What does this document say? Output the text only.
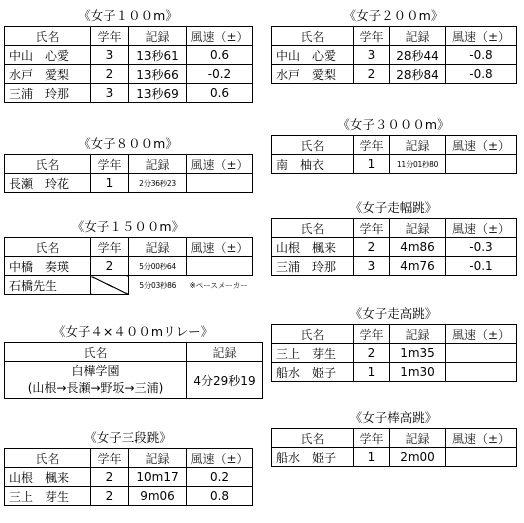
《女子１００m》
氏名	学年	記録	風速（±）
中山　心愛	3	13秒61	0.6
水戸　愛梨	2	13秒66	-0.2
三浦　玲那	3	13秒69	0.6
《女子２００m》
氏名	学年	記録	風速（±）
中山　心愛	3	28秒44	-0.8
水戸　愛梨	2	28秒84	-0.8
《女子８００m》
氏名	学年	記録	風速（±）
長瀬　玲花	1	2分36秒23	
《女子３０００m》
氏名	学年	記録	風速（±）
南　柚衣	1	11分01秒80	
《女子１５００m》
氏名	学年	記録	風速（±）
中橋　奏瑛	2	5分00秒64	
石橋先生		5分03秒86	※ペースメーカー
《女子走幅跳》
氏名	学年	記録	風速（±）
山根　楓来	2	4m86	-0.3
三浦　玲那	3	4m76	-0.1
《女子４×４００mリレー》
氏名	記録

白樺学園
(山根→長瀬→野坂→三浦)	4分29秒19
《女子走高跳》
氏名	学年	記録	風速（±）
三上　芽生	2	1m35	
船水　姫子	1	1m30	
《女子三段跳》
氏名	学年	記録	風速（±）
山根　楓来	2	10m17	0.2
三上　芽生	2	9m06	0.8
《女子棒高跳》
氏名	学年	記録	風速（±）
船水　姫子	1	2m00	
